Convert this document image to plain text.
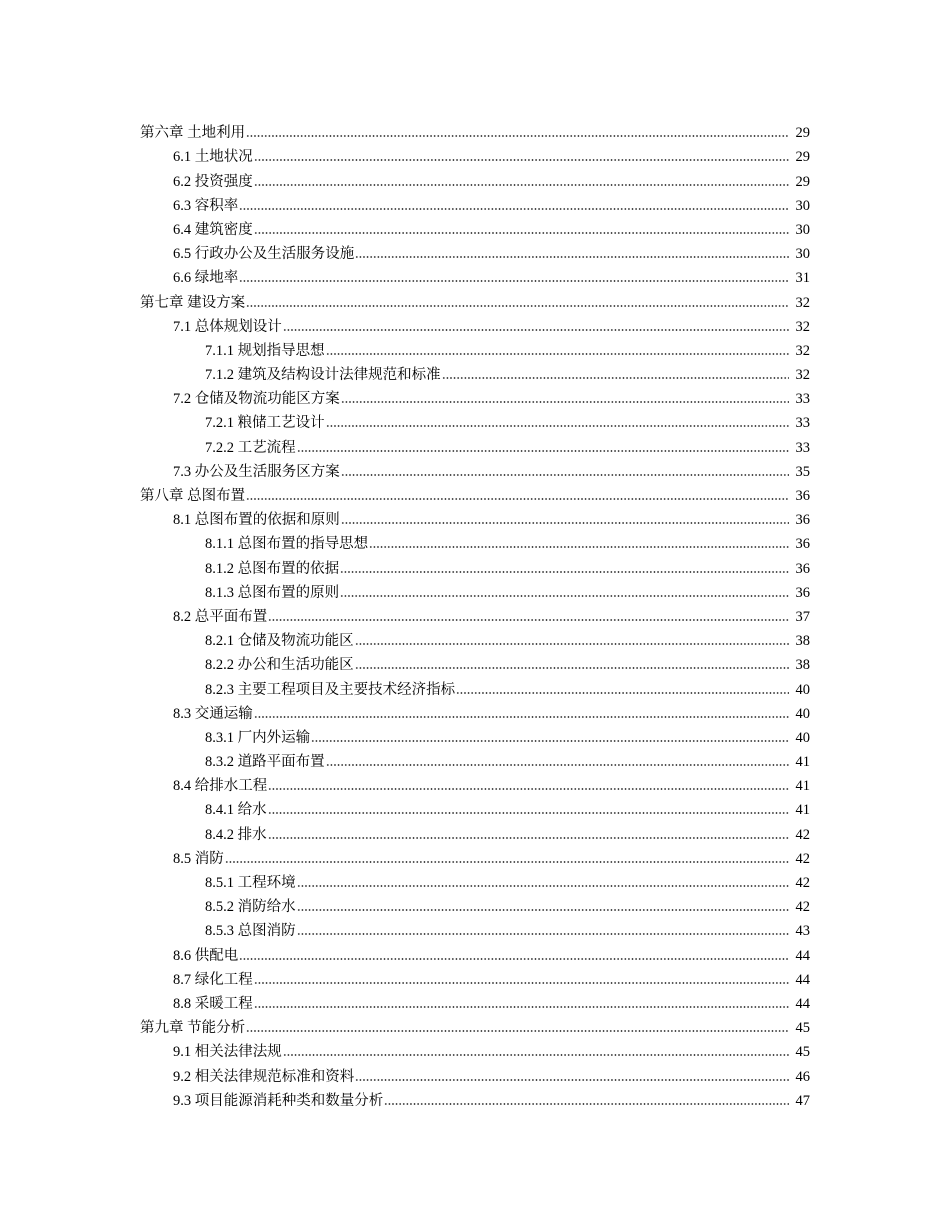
第六章 土地利用	29
6.1 土地状况	29
6.2 投资强度	29
6.3 容积率	30
6.4 建筑密度	30
6.5 行政办公及生活服务设施	30
6.6 绿地率	31
第七章 建设方案	32
7.1 总体规划设计	32
7.1.1 规划指导思想	32
7.1.2 建筑及结构设计法律规范和标准	32
7.2 仓储及物流功能区方案	33
7.2.1 粮储工艺设计	33
7.2.2 工艺流程	33
7.3 办公及生活服务区方案	35
第八章 总图布置	36
8.1 总图布置的依据和原则	36
8.1.1 总图布置的指导思想	36
8.1.2 总图布置的依据	36
8.1.3 总图布置的原则	36
8.2 总平面布置	37
8.2.1 仓储及物流功能区	38
8.2.2 办公和生活功能区	38
8.2.3 主要工程项目及主要技术经济指标	40
8.3 交通运输	40
8.3.1 厂内外运输	40
8.3.2 道路平面布置	41
8.4 给排水工程	41
8.4.1 给水	41
8.4.2 排水	42
8.5 消防	42
8.5.1 工程环境	42
8.5.2 消防给水	42
8.5.3 总图消防	43
8.6 供配电	44
8.7 绿化工程	44
8.8 采暖工程	44
第九章 节能分析	45
9.1 相关法律法规	45
9.2 相关法律规范标准和资料	46
9.3 项目能源消耗种类和数量分析	47
